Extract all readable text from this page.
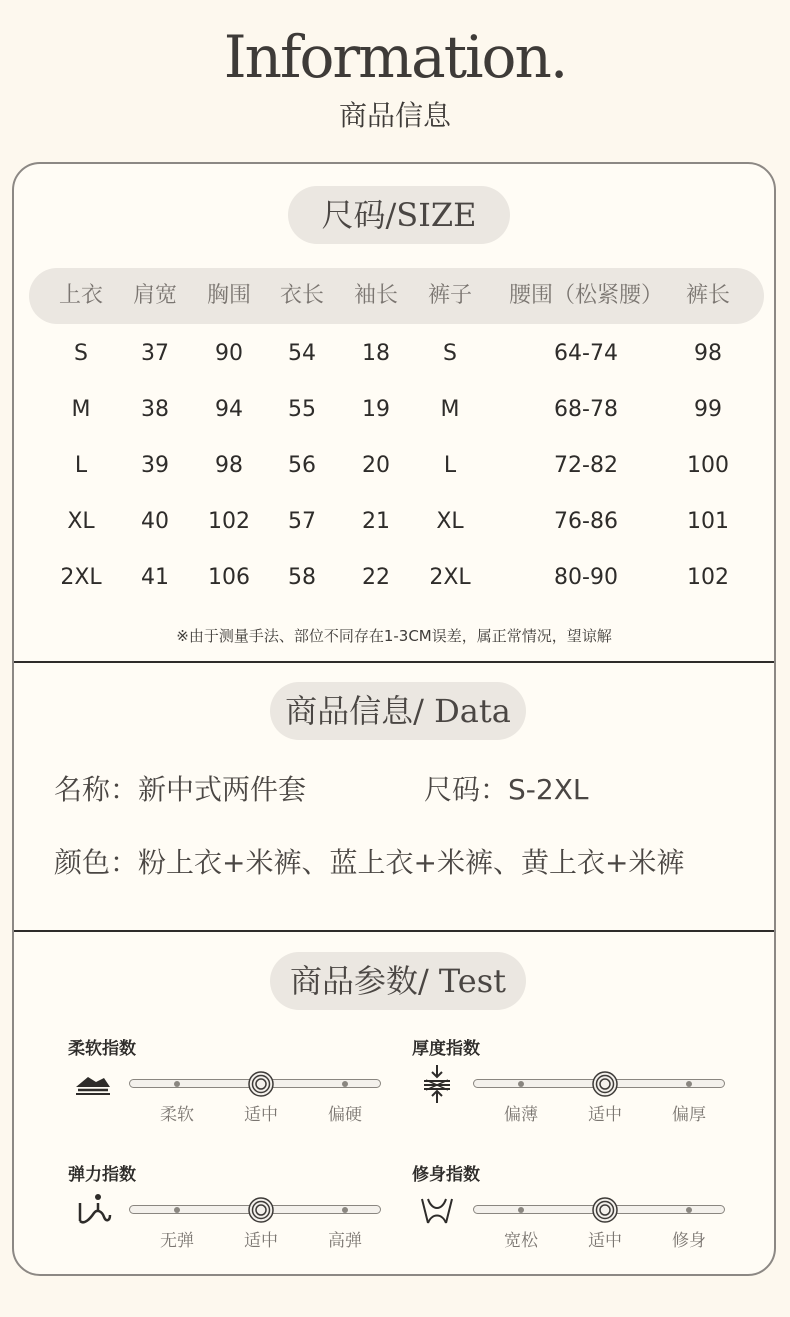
Information.
商品信息
尺码/SIZE
上衣 肩宽 胸围 衣长 袖长 裤子 腰围（松紧腰） 裤长
S 37 90 54 18 S	64-74	98
M 38 94 55 19 M	68-78	99
L 39 98 56 20 L	72-82	100
XL 40 102 57 21 XL	76-86	101
2XL 41 106 58 22 2XL	80-90	102
※由于测量手法、部位不同存在1-3CM误差，属正常情况，望谅解
商品信息/ Data
名称：新中式两件套	尺码：S-2XL
颜色：粉上衣+米裤、蓝上衣+米裤、黄上衣+米裤
商品参数/ Test
柔软指数
柔软	适中	偏硬
厚度指数
偏薄	适中	偏厚
弹力指数
无弹	适中	高弹
修身指数
宽松	适中	修身
